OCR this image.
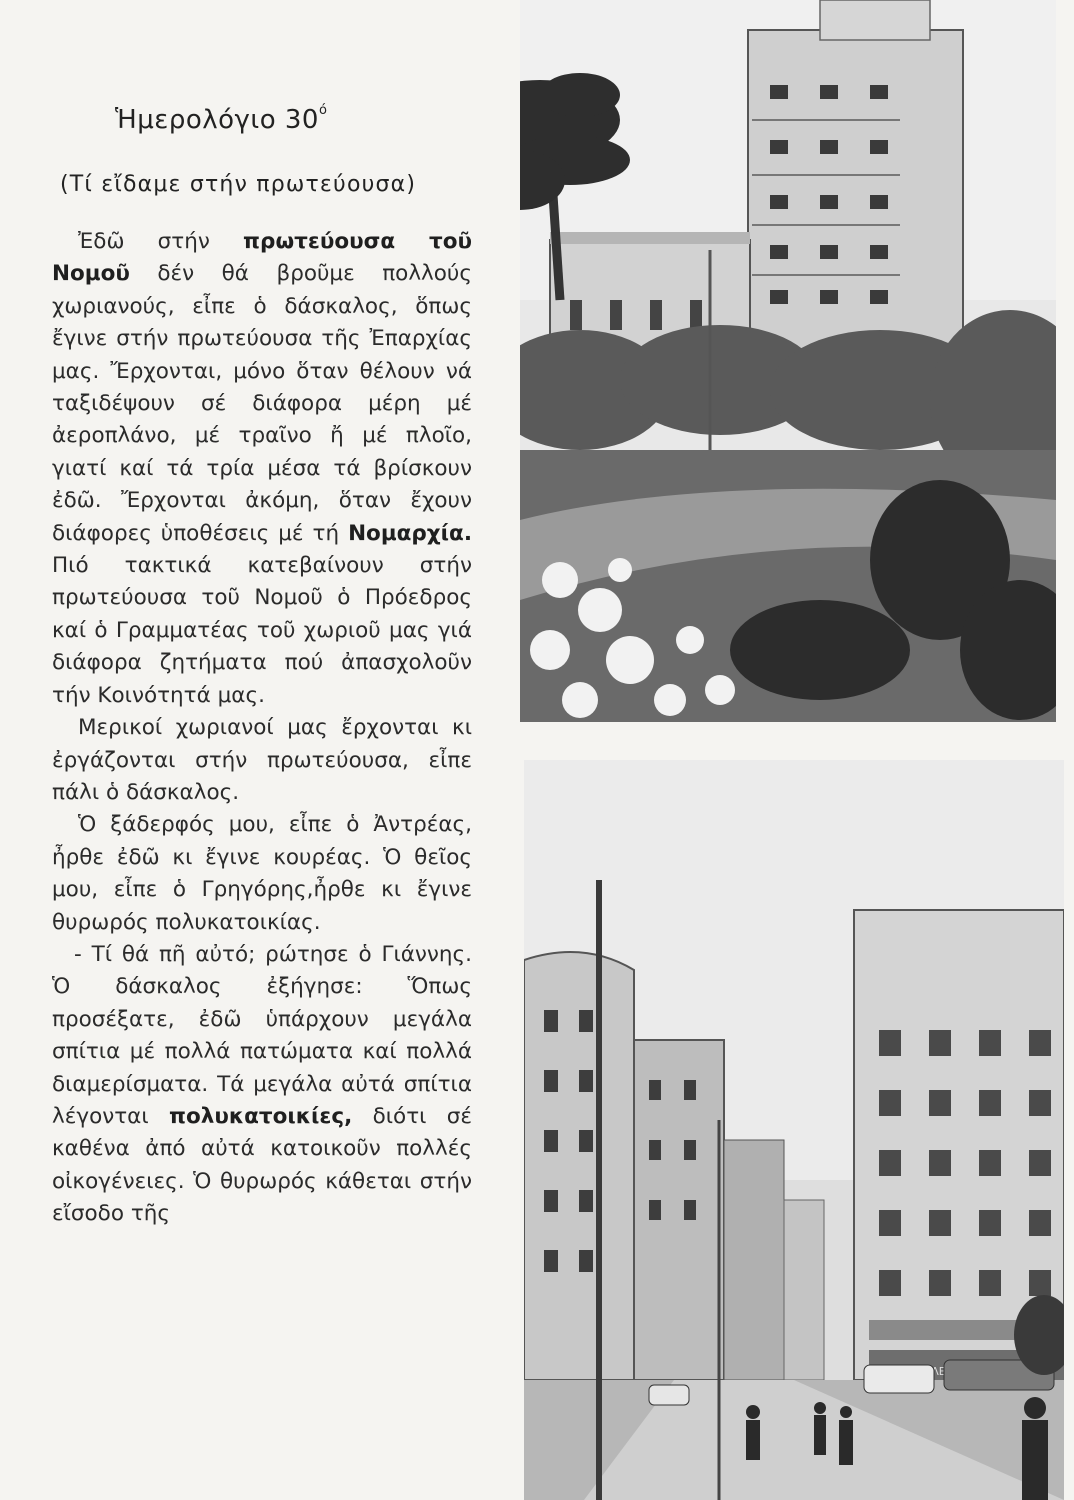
Ἡμερολόγιο $30^ό$
(Τί εἴδαμε στήν πρωτεύουσα)

Ἐδῶ στήν πρωτεύουσα τοῦ Νομοῦ δέν θά βροῦμε πολλούς χωριανούς, εἶπε ὁ δάσκαλος, ὅπως ἔγινε στήν πρωτεύουσα τῆς Ἐπαρχίας μας. Ἔρχονται, μόνο ὅταν θέλουν νά ταξιδέψουν σέ διάφορα μέρη μέ ἀεροπλάνο, μέ τραῖνο ἤ μέ πλοῖο, γιατί καί τά τρία μέσα τά βρίσκουν ἐδῶ. Ἔρχονται ἀκόμη, ὅταν ἔχουν διάφορες ὑποθέσεις μέ τή Νομαρχία. Πιό τακτικά κατεβαίνουν στήν πρωτεύουσα τοῦ Νομοῦ ὁ Πρόεδρος καί ὁ Γραμματέας τοῦ χωριοῦ μας γιά διάφορα ζητήματα πού ἀπασχολοῦν τήν Κοινότητά μας.

Μερικοί χωριανοί μας ἔρχονται κι ἐργάζονται στήν πρωτεύουσα, εἶπε πάλι ὁ δάσκαλος.

Ὁ ξάδερφός μου, εἶπε ὁ Ἀντρέας, ἦρθε ἐδῶ κι ἔγινε κουρέας. Ὁ θεῖος μου, εἶπε ὁ Γρηγόρης,ἦρθε κι ἔγινε θυρωρός πολυκατοικίας.

- Τί θά πῆ αὐτό; ρώτησε ὁ Γιάννης. Ὁ δάσκαλος ἐξήγησε: Ὅπως προσέξατε, ἐδῶ ὑπάρχουν μεγάλα σπίτια μέ πολλά πατώματα καί πολλά διαμερίσματα. Τά μεγάλα αὐτά σπίτια λέγονται πολυκατοικίες, διότι σέ καθένα ἀπό αὐτά κατοικοῦν πολλές οἰκογένειες. Ὁ θυρωρός κάθεται στήν εἴσοδο τῆς
